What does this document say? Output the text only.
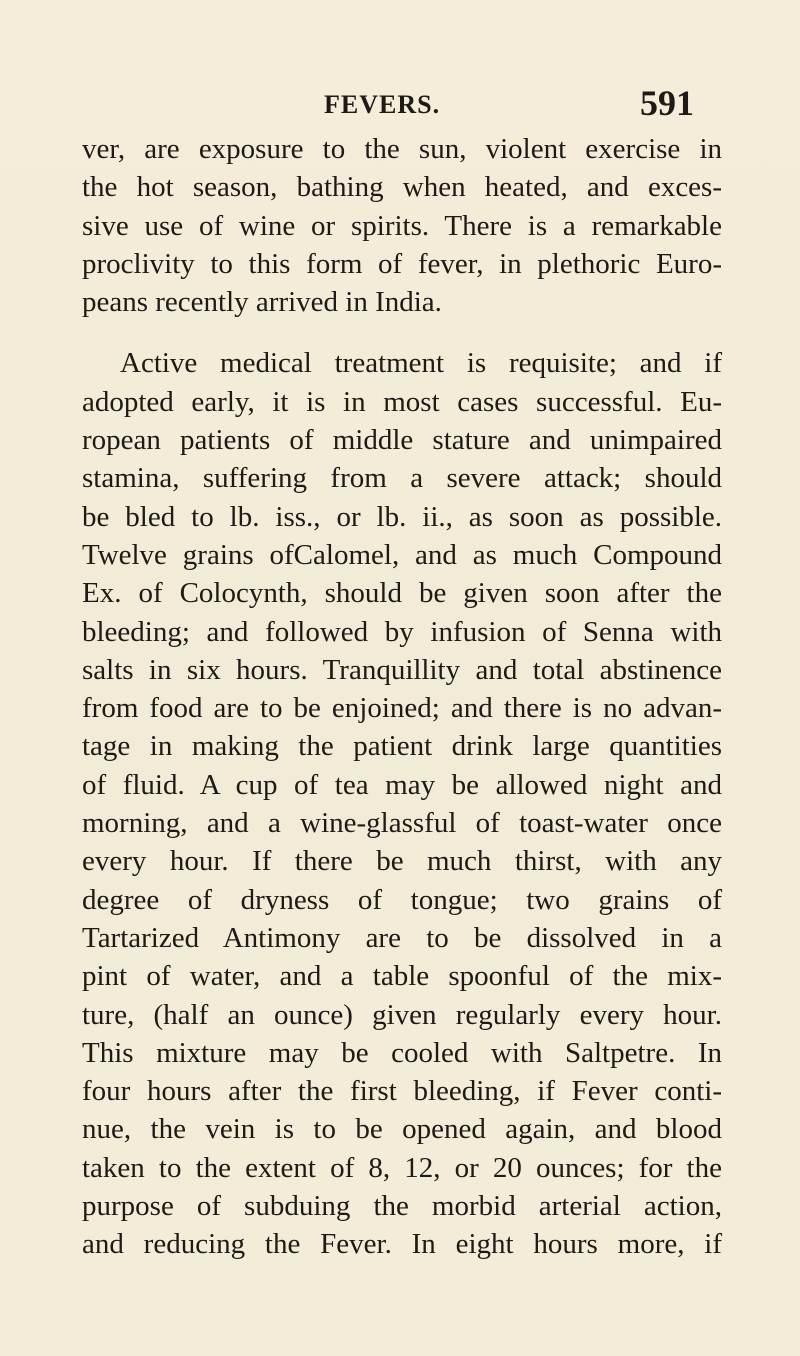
FEVERS.	591
ver, are exposure to the sun, violent exercise in
the hot season, bathing when heated, and exces-
sive use of wine or spirits. There is a remarkable
proclivity to this form of fever, in plethoric Euro-
peans recently arrived in India.
Active medical treatment is requisite; and if
adopted early, it is in most cases successful. Eu-
ropean patients of middle stature and unimpaired
stamina, suffering from a severe attack; should
be bled to lb. iss., or lb. ii., as soon as possible.
Twelve grains ofCalomel, and as much Compound
Ex. of Colocynth, should be given soon after the
bleeding; and followed by infusion of Senna with
salts in six hours. Tranquillity and total abstinence
from food are to be enjoined; and there is no advan-
tage in making the patient drink large quantities
of fluid. A cup of tea may be allowed night and
morning, and a wine-glassful of toast-water once
every hour. If there be much thirst, with any
degree of dryness of tongue; two grains of
Tartarized Antimony are to be dissolved in a
pint of water, and a table spoonful of the mix-
ture, (half an ounce) given regularly every hour.
This mixture may be cooled with Saltpetre. In
four hours after the first bleeding, if Fever conti-
nue, the vein is to be opened again, and blood
taken to the extent of 8, 12, or 20 ounces; for the
purpose of subduing the morbid arterial action,
and reducing the Fever. In eight hours more, if
